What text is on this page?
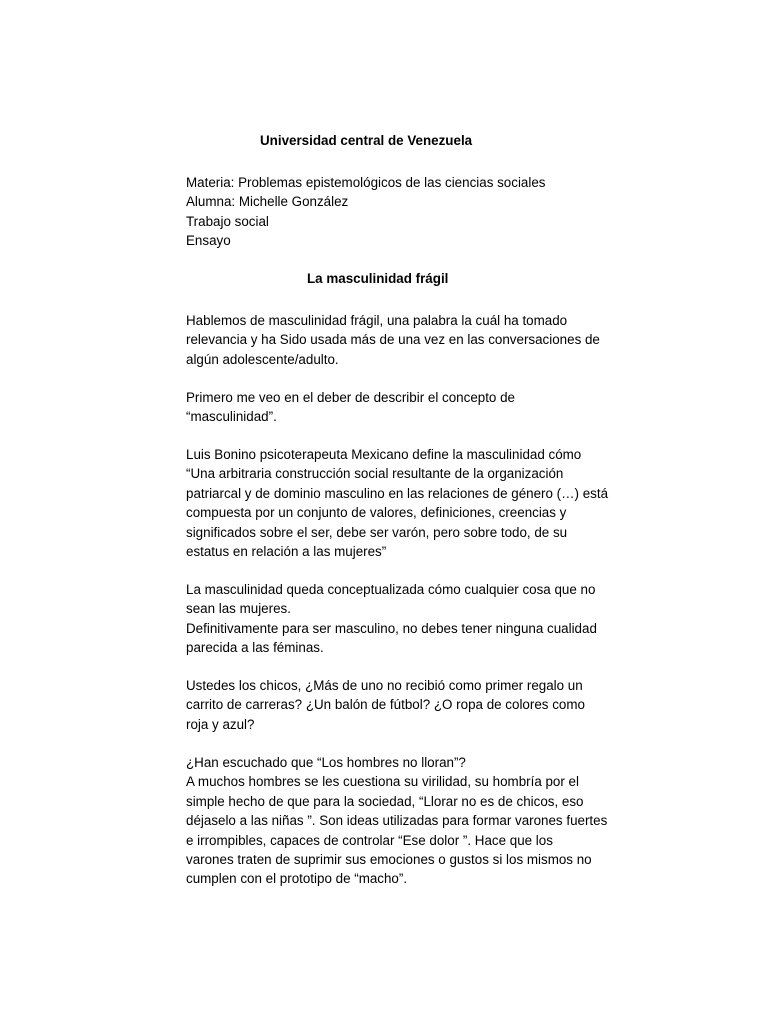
Universidad central de Venezuela
Materia: Problemas epistemológicos de las ciencias sociales
Alumna: Michelle González
Trabajo social
Ensayo
La masculinidad frágil
Hablemos de masculinidad frágil, una palabra la cuál ha tomado
relevancia y ha Sido usada más de una vez en las conversaciones de
algún adolescente/adulto.
Primero me veo en el deber de describir el concepto de
“masculinidad”.
Luis Bonino psicoterapeuta Mexicano define la masculinidad cómo
“Una arbitraria construcción social resultante de la organización
patriarcal y de dominio masculino en las relaciones de género (…) está
compuesta por un conjunto de valores, definiciones, creencias y
significados sobre el ser, debe ser varón, pero sobre todo, de su
estatus en relación a las mujeres”
La masculinidad queda conceptualizada cómo cualquier cosa que no
sean las mujeres.
Definitivamente para ser masculino, no debes tener ninguna cualidad
parecida a las féminas.
Ustedes los chicos, ¿Más de uno no recibió como primer regalo un
carrito de carreras? ¿Un balón de fútbol? ¿O ropa de colores como
roja y azul?
¿Han escuchado que “Los hombres no lloran”?
A muchos hombres se les cuestiona su virilidad, su hombría por el
simple hecho de que para la sociedad, “Llorar no es de chicos, eso
déjaselo a las niñas ”. Son ideas utilizadas para formar varones fuertes
e irrompibles, capaces de controlar “Ese dolor ”. Hace que los
varones traten de suprimir sus emociones o gustos si los mismos no
cumplen con el prototipo de “macho”.
